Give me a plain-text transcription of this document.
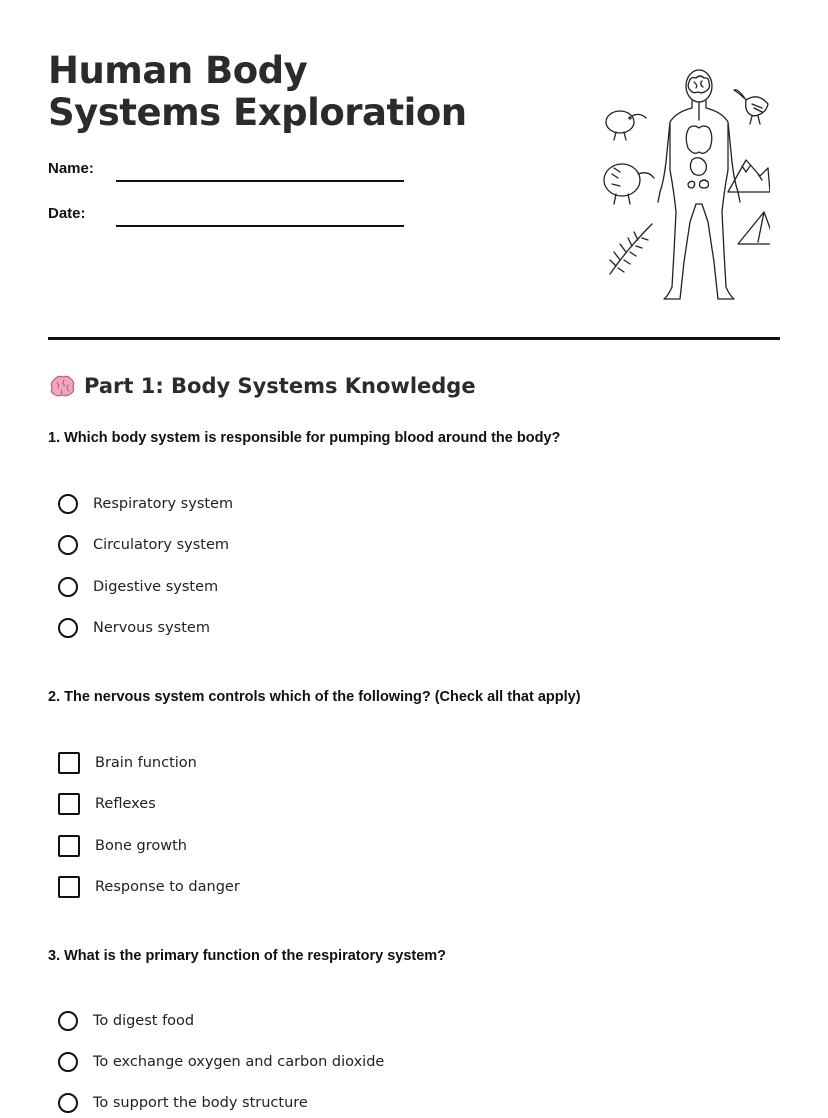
Human Body Systems Exploration
Name:
Date:
Part 1: Body Systems Knowledge
1. Which body system is responsible for pumping blood around the body?
Respiratory system
Circulatory system
Digestive system
Nervous system
2. The nervous system controls which of the following? (Check all that apply)
Brain function
Reflexes
Bone growth
Response to danger
3. What is the primary function of the respiratory system?
To digest food
To exchange oxygen and carbon dioxide
To support the body structure
